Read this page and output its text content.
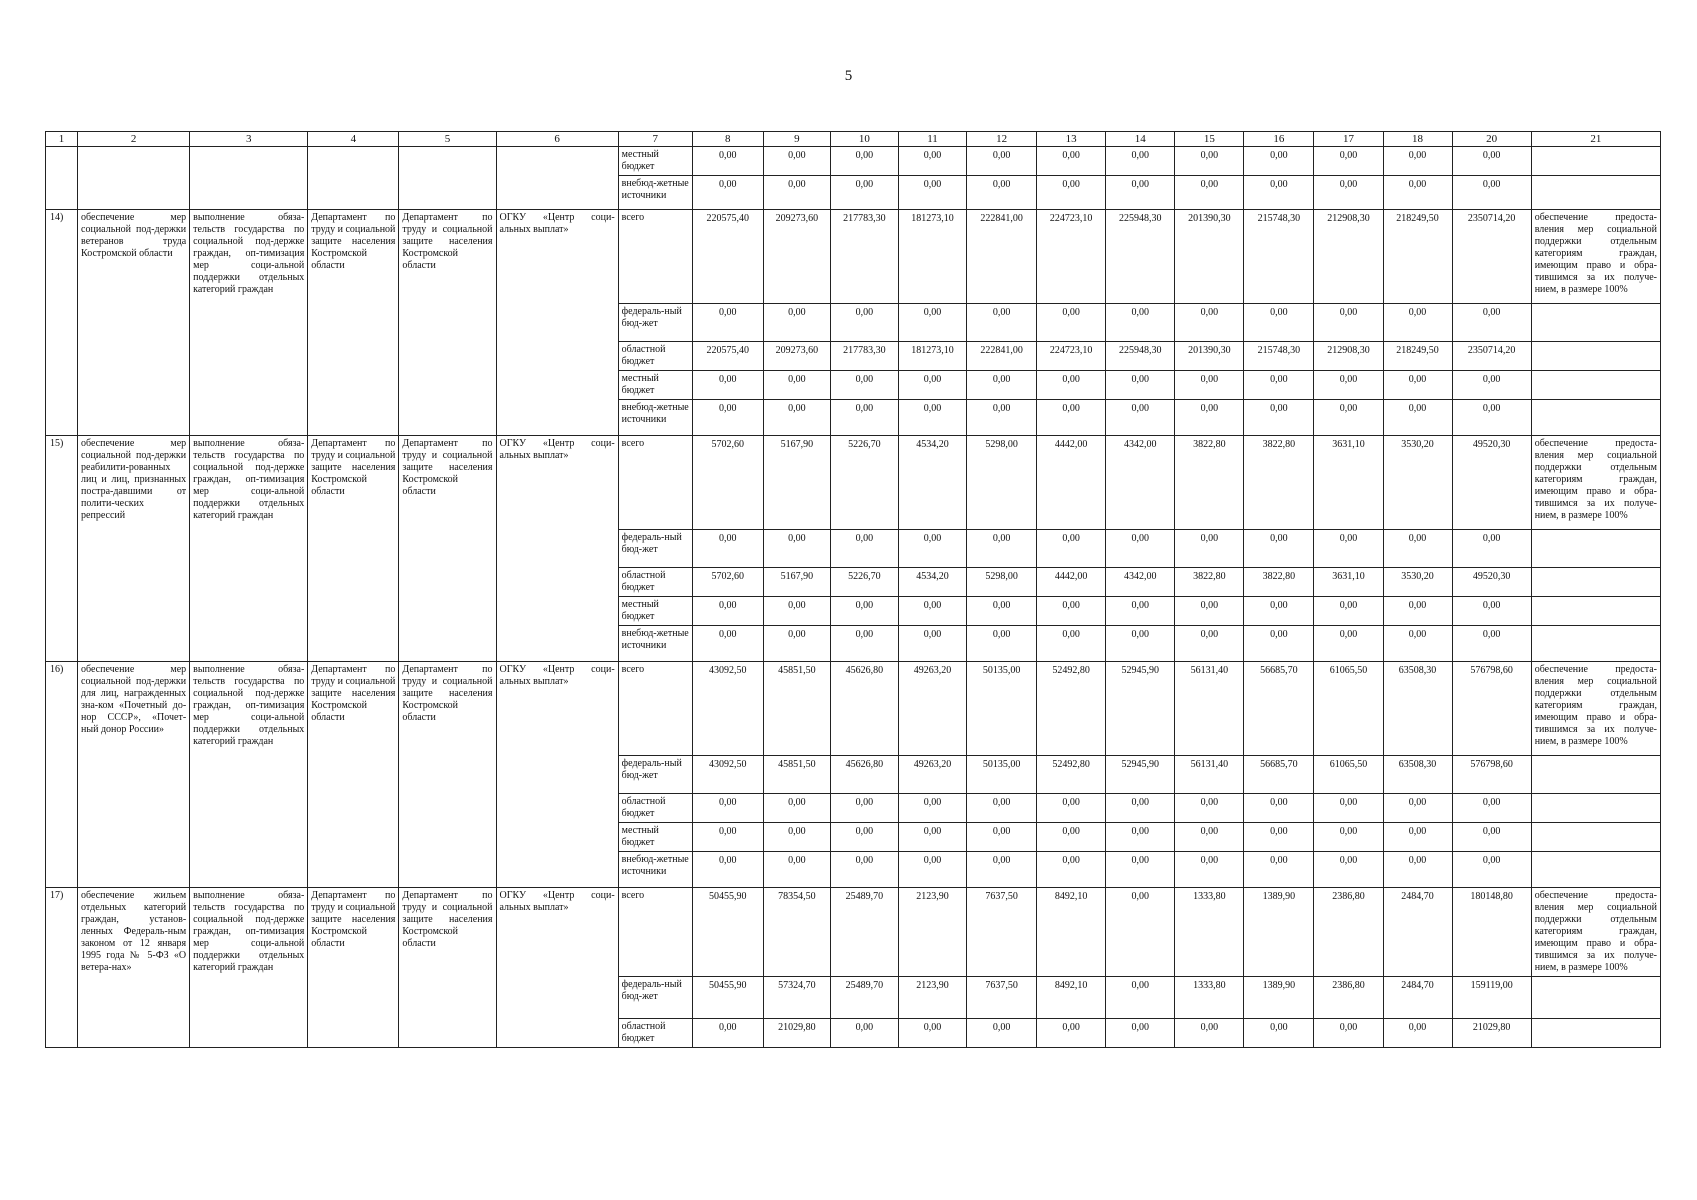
5
1	2	3	4	5	6	7	8	9	10	11	12	13	14	15	16	17	18	20	21
						местный бюджет	0,00	0,00	0,00	0,00	0,00	0,00	0,00	0,00	0,00	0,00	0,00	0,00	
						внебюд-жетные источники	0,00	0,00	0,00	0,00	0,00	0,00	0,00	0,00	0,00	0,00	0,00	0,00	
14)	обеспечение мер социальной под-держки ветеранов труда Костромской области	выполнение обяза-тельств государства по социальной под-держке граждан, оп-тимизация мер соци-альной поддержки отдельных категорий граждан	Департамент по труду и социальной защите населения Костромской области	Департамент по труду и социальной защите населения Костромской области	ОГКУ «Центр соци-альных выплат»	всего	220575,40	209273,60	217783,30	181273,10	222841,00	224723,10	225948,30	201390,30	215748,30	212908,30	218249,50	2350714,20	обеспечение предоста-вления мер социальной поддержки отдельным категориям граждан, имеющим право и обра-тившимся за их получе-нием, в размере 100%
						федераль-ный бюд-жет	0,00	0,00	0,00	0,00	0,00	0,00	0,00	0,00	0,00	0,00	0,00	0,00	
						областной бюджет	220575,40	209273,60	217783,30	181273,10	222841,00	224723,10	225948,30	201390,30	215748,30	212908,30	218249,50	2350714,20	
						местный бюджет	0,00	0,00	0,00	0,00	0,00	0,00	0,00	0,00	0,00	0,00	0,00	0,00	
						внебюд-жетные источники	0,00	0,00	0,00	0,00	0,00	0,00	0,00	0,00	0,00	0,00	0,00	0,00	
15)	обеспечение мер социальной под-держки реабилити-рованных лиц и лиц, признанных постра-давшими от полити-ческих репрессий	выполнение обяза-тельств государства по социальной под-держке граждан, оп-тимизация мер соци-альной поддержки отдельных категорий граждан	Департамент по труду и социальной защите населения Костромской области	Департамент по труду и социальной защите населения Костромской области	ОГКУ «Центр соци-альных выплат»	всего	5702,60	5167,90	5226,70	4534,20	5298,00	4442,00	4342,00	3822,80	3822,80	3631,10	3530,20	49520,30	обеспечение предоста-вления мер социальной поддержки отдельным категориям граждан, имеющим право и обра-тившимся за их получе-нием, в размере 100%
						федераль-ный бюд-жет	0,00	0,00	0,00	0,00	0,00	0,00	0,00	0,00	0,00	0,00	0,00	0,00	
						областной бюджет	5702,60	5167,90	5226,70	4534,20	5298,00	4442,00	4342,00	3822,80	3822,80	3631,10	3530,20	49520,30	
						местный бюджет	0,00	0,00	0,00	0,00	0,00	0,00	0,00	0,00	0,00	0,00	0,00	0,00	
						внебюд-жетные источники	0,00	0,00	0,00	0,00	0,00	0,00	0,00	0,00	0,00	0,00	0,00	0,00	
16)	обеспечение мер социальной под-держки для лиц, награжденных зна-ком «Почетный до-нор СССР», «Почет-ный донор России»	выполнение обяза-тельств государства по социальной под-держке граждан, оп-тимизация мер соци-альной поддержки отдельных категорий граждан	Департамент по труду и социальной защите населения Костромской области	Департамент по труду и социальной защите населения Костромской области	ОГКУ «Центр соци-альных выплат»	всего	43092,50	45851,50	45626,80	49263,20	50135,00	52492,80	52945,90	56131,40	56685,70	61065,50	63508,30	576798,60	обеспечение предоста-вления мер социальной поддержки отдельным категориям граждан, имеющим право и обра-тившимся за их получе-нием, в размере 100%
						федераль-ный бюд-жет	43092,50	45851,50	45626,80	49263,20	50135,00	52492,80	52945,90	56131,40	56685,70	61065,50	63508,30	576798,60	
						областной бюджет	0,00	0,00	0,00	0,00	0,00	0,00	0,00	0,00	0,00	0,00	0,00	0,00	
						местный бюджет	0,00	0,00	0,00	0,00	0,00	0,00	0,00	0,00	0,00	0,00	0,00	0,00	
						внебюд-жетные источники	0,00	0,00	0,00	0,00	0,00	0,00	0,00	0,00	0,00	0,00	0,00	0,00	
17)	обеспечение жильем отдельных категорий граждан, установ-ленных Федераль-ным законом от 12 января 1995 года № 5-ФЗ «О ветера-нах»	выполнение обяза-тельств государства по социальной под-держке граждан, оп-тимизация мер соци-альной поддержки отдельных категорий граждан	Департамент по труду и социальной защите населения Костромской области	Департамент по труду и социальной защите населения Костромской области	ОГКУ «Центр соци-альных выплат»	всего	50455,90	78354,50	25489,70	2123,90	7637,50	8492,10	0,00	1333,80	1389,90	2386,80	2484,70	180148,80	обеспечение предоста-вления мер социальной поддержки отдельным категориям граждан, имеющим право и обра-тившимся за их получе-нием, в размере 100%
						федераль-ный бюд-жет	50455,90	57324,70	25489,70	2123,90	7637,50	8492,10	0,00	1333,80	1389,90	2386,80	2484,70	159119,00	
						областной бюджет	0,00	21029,80	0,00	0,00	0,00	0,00	0,00	0,00	0,00	0,00	0,00	21029,80	
